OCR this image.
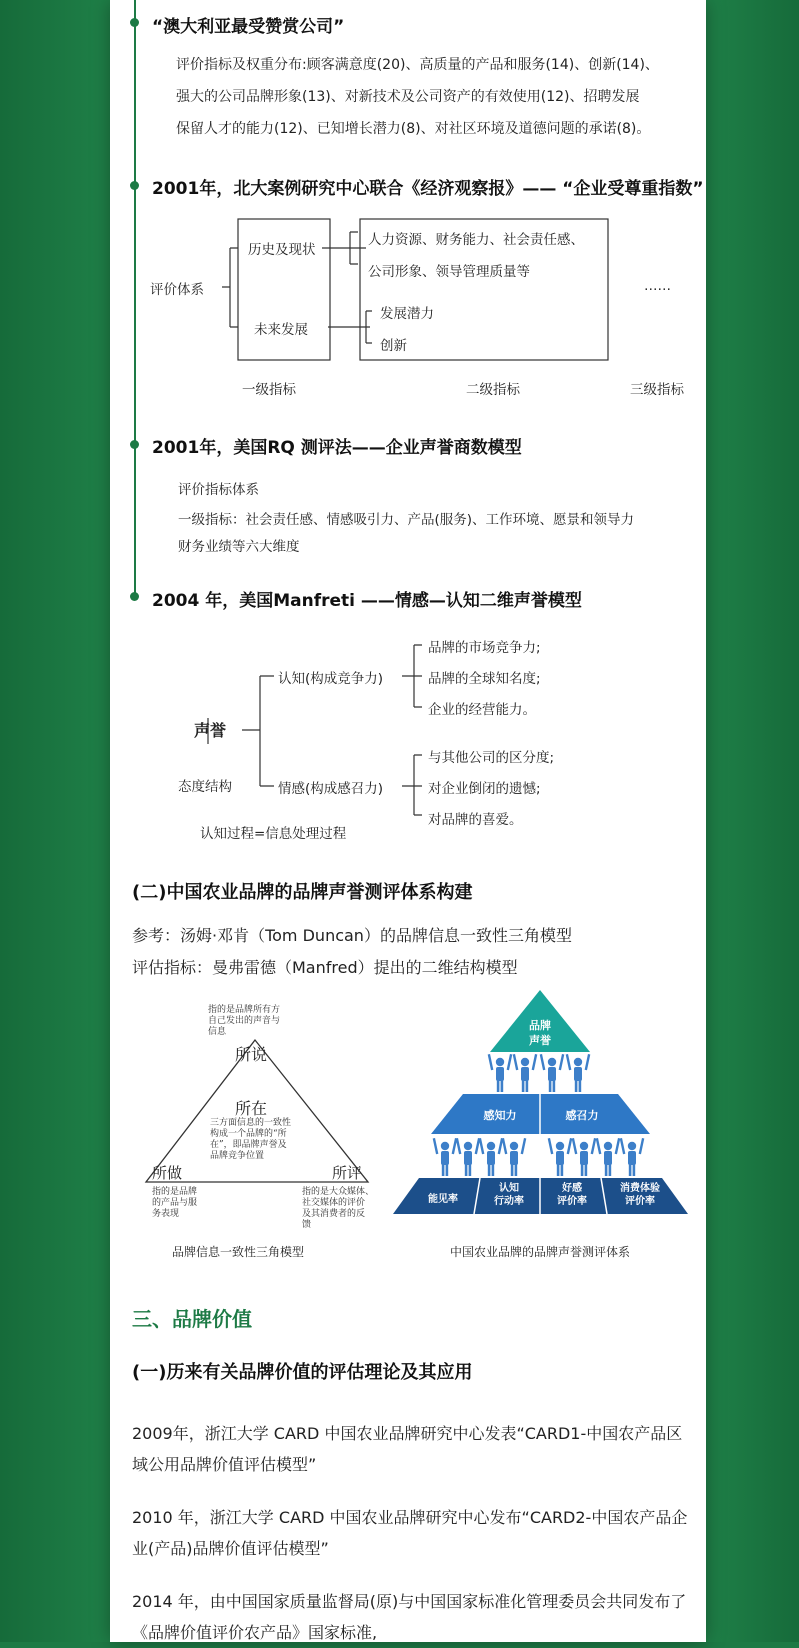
“澳大利亚最受赞赏公司”
评价指标及权重分布:顾客满意度(20)、高质量的产品和服务(14)、创新(14)、
强大的公司品牌形象(13)、对新技术及公司资产的有效使用(12)、招聘发展
保留人才的能力(12)、已知增长潜力(8)、对社区环境及道德问题的承诺(8)。
2001年，北大案例研究中心联合《经济观察报》—— “企业受尊重指数”
评价体系
历史及现状
未来发展
人力资源、财务能力、社会责任感、
公司形象、领导管理质量等
发展潜力
创新
……
一级指标	二级指标	三级指标
2001年，美国RQ 测评法——企业声誉商数模型
评价指标体系
一级指标：社会责任感、情感吸引力、产品(服务)、工作环境、愿景和领导力
财务业绩等六大维度
2004 年，美国Manfreti ——情感—认知二维声誉模型
声誉
态度结构
认知(构成竞争力)
情感(构成感召力)
品牌的市场竞争力;
品牌的全球知名度;
企业的经营能力。
与其他公司的区分度;
对企业倒闭的遗憾;
对品牌的喜爱。
认知过程=信息处理过程
(二)中国农业品牌的品牌声誉测评体系构建
参考：汤姆·邓肯（Tom Duncan）的品牌信息一致性三角模型
评估指标：曼弗雷德（Manfred）提出的二维结构模型
指的是品牌所有方
自己发出的声音与
信息
所说
所在
三方面信息的一致性
构成一个品牌的“所
在”，即品牌声誉及
品牌竞争位置
所做	所评
指的是品牌
的产品与服
务表现
指的是大众媒体、
社交媒体的评价
及其消费者的反
馈
品牌信息一致性三角模型
品牌
声誉
感知力	感召力
能见率
认知
行动率
好感
评价率
消费体验
评价率
中国农业品牌的品牌声誉测评体系
三、品牌价值
(一)历来有关品牌价值的评估理论及其应用
2009年，浙江大学 CARD 中国农业品牌研究中心发表“CARD1-中国农产品区域公用品牌价值评估模型”
2010 年，浙江大学 CARD 中国农业品牌研究中心发布“CARD2-中国农产品企业(产品)品牌价值评估模型”
2014 年，由中国国家质量监督局(原)与中国国家标准化管理委员会共同发布了《品牌价值评价农产品》国家标准,
